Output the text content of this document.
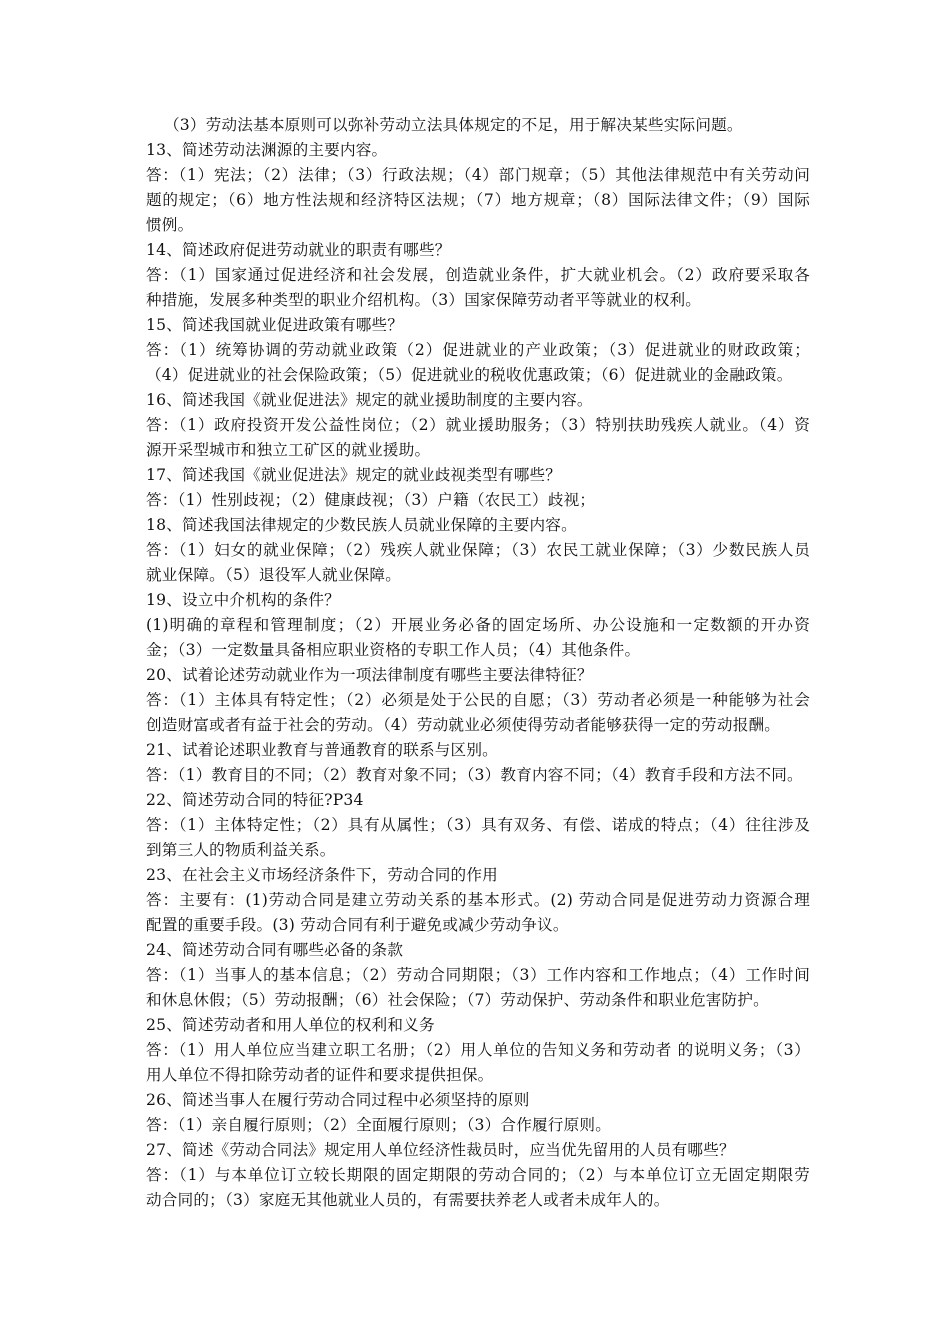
（3）劳动法基本原则可以弥补劳动立法具体规定的不足，用于解决某些实际问题。
13、简述劳动法渊源的主要内容。
答：（1）宪法；（2）法律；（3）行政法规；（4）部门规章；（5）其他法律规范中有关劳动问
题的规定；（6）地方性法规和经济特区法规；（7）地方规章；（8）国际法律文件；（9）国际
惯例。
14、简述政府促进劳动就业的职责有哪些？
答：（1）国家通过促进经济和社会发展，创造就业条件，扩大就业机会。（2）政府要采取各
种措施，发展多种类型的职业介绍机构。（3）国家保障劳动者平等就业的权利。
15、简述我国就业促进政策有哪些？
答：（1）统筹协调的劳动就业政策（2）促进就业的产业政策；（3）促进就业的财政政策；
（4）促进就业的社会保险政策；（5）促进就业的税收优惠政策；（6）促进就业的金融政策。
16、简述我国《就业促进法》规定的就业援助制度的主要内容。
答：（1）政府投资开发公益性岗位；（2）就业援助服务；（3）特别扶助残疾人就业。（4）资
源开采型城市和独立工矿区的就业援助。
17、简述我国《就业促进法》规定的就业歧视类型有哪些？
答：（1）性别歧视；（2）健康歧视；（3）户籍（农民工）歧视；
18、简述我国法律规定的少数民族人员就业保障的主要内容。
答：（1）妇女的就业保障；（2）残疾人就业保障；（3）农民工就业保障；（3）少数民族人员
就业保障。（5）退役军人就业保障。
19、设立中介机构的条件？
(1)明确的章程和管理制度；（2）开展业务必备的固定场所、办公设施和一定数额的开办资
金；（3）一定数量具备相应职业资格的专职工作人员；（4）其他条件。
20、试着论述劳动就业作为一项法律制度有哪些主要法律特征？
答：（1）主体具有特定性；（2）必须是处于公民的自愿；（3）劳动者必须是一种能够为社会
创造财富或者有益于社会的劳动。（4）劳动就业必须使得劳动者能够获得一定的劳动报酬。
21、试着论述职业教育与普通教育的联系与区别。
答：（1）教育目的不同；（2）教育对象不同；（3）教育内容不同；（4）教育手段和方法不同。
22、简述劳动合同的特征?P34
答：（1）主体特定性；（2）具有从属性；（3）具有双务、有偿、诺成的特点；（4）往往涉及
到第三人的物质利益关系。
23、在社会主义市场经济条件下，劳动合同的作用
答：主要有：(1)劳动合同是建立劳动关系的基本形式。(2) 劳动合同是促进劳动力资源合理
配置的重要手段。(3) 劳动合同有利于避免或减少劳动争议。
24、简述劳动合同有哪些必备的条款
答：（1）当事人的基本信息；（2）劳动合同期限；（3）工作内容和工作地点；（4）工作时间
和休息休假；（5）劳动报酬；（6）社会保险；（7）劳动保护、劳动条件和职业危害防护。
25、简述劳动者和用人单位的权利和义务
答：（1）用人单位应当建立职工名册；（2）用人单位的告知义务和劳动者 的说明义务；（3）
用人单位不得扣除劳动者的证件和要求提供担保。
26、简述当事人在履行劳动合同过程中必须坚持的原则
答：（1）亲自履行原则；（2）全面履行原则；（3）合作履行原则。
27、简述《劳动合同法》规定用人单位经济性裁员时，应当优先留用的人员有哪些？
答：（1）与本单位订立较长期限的固定期限的劳动合同的；（2）与本单位订立无固定期限劳
动合同的；（3）家庭无其他就业人员的，有需要扶养老人或者未成年人的。
